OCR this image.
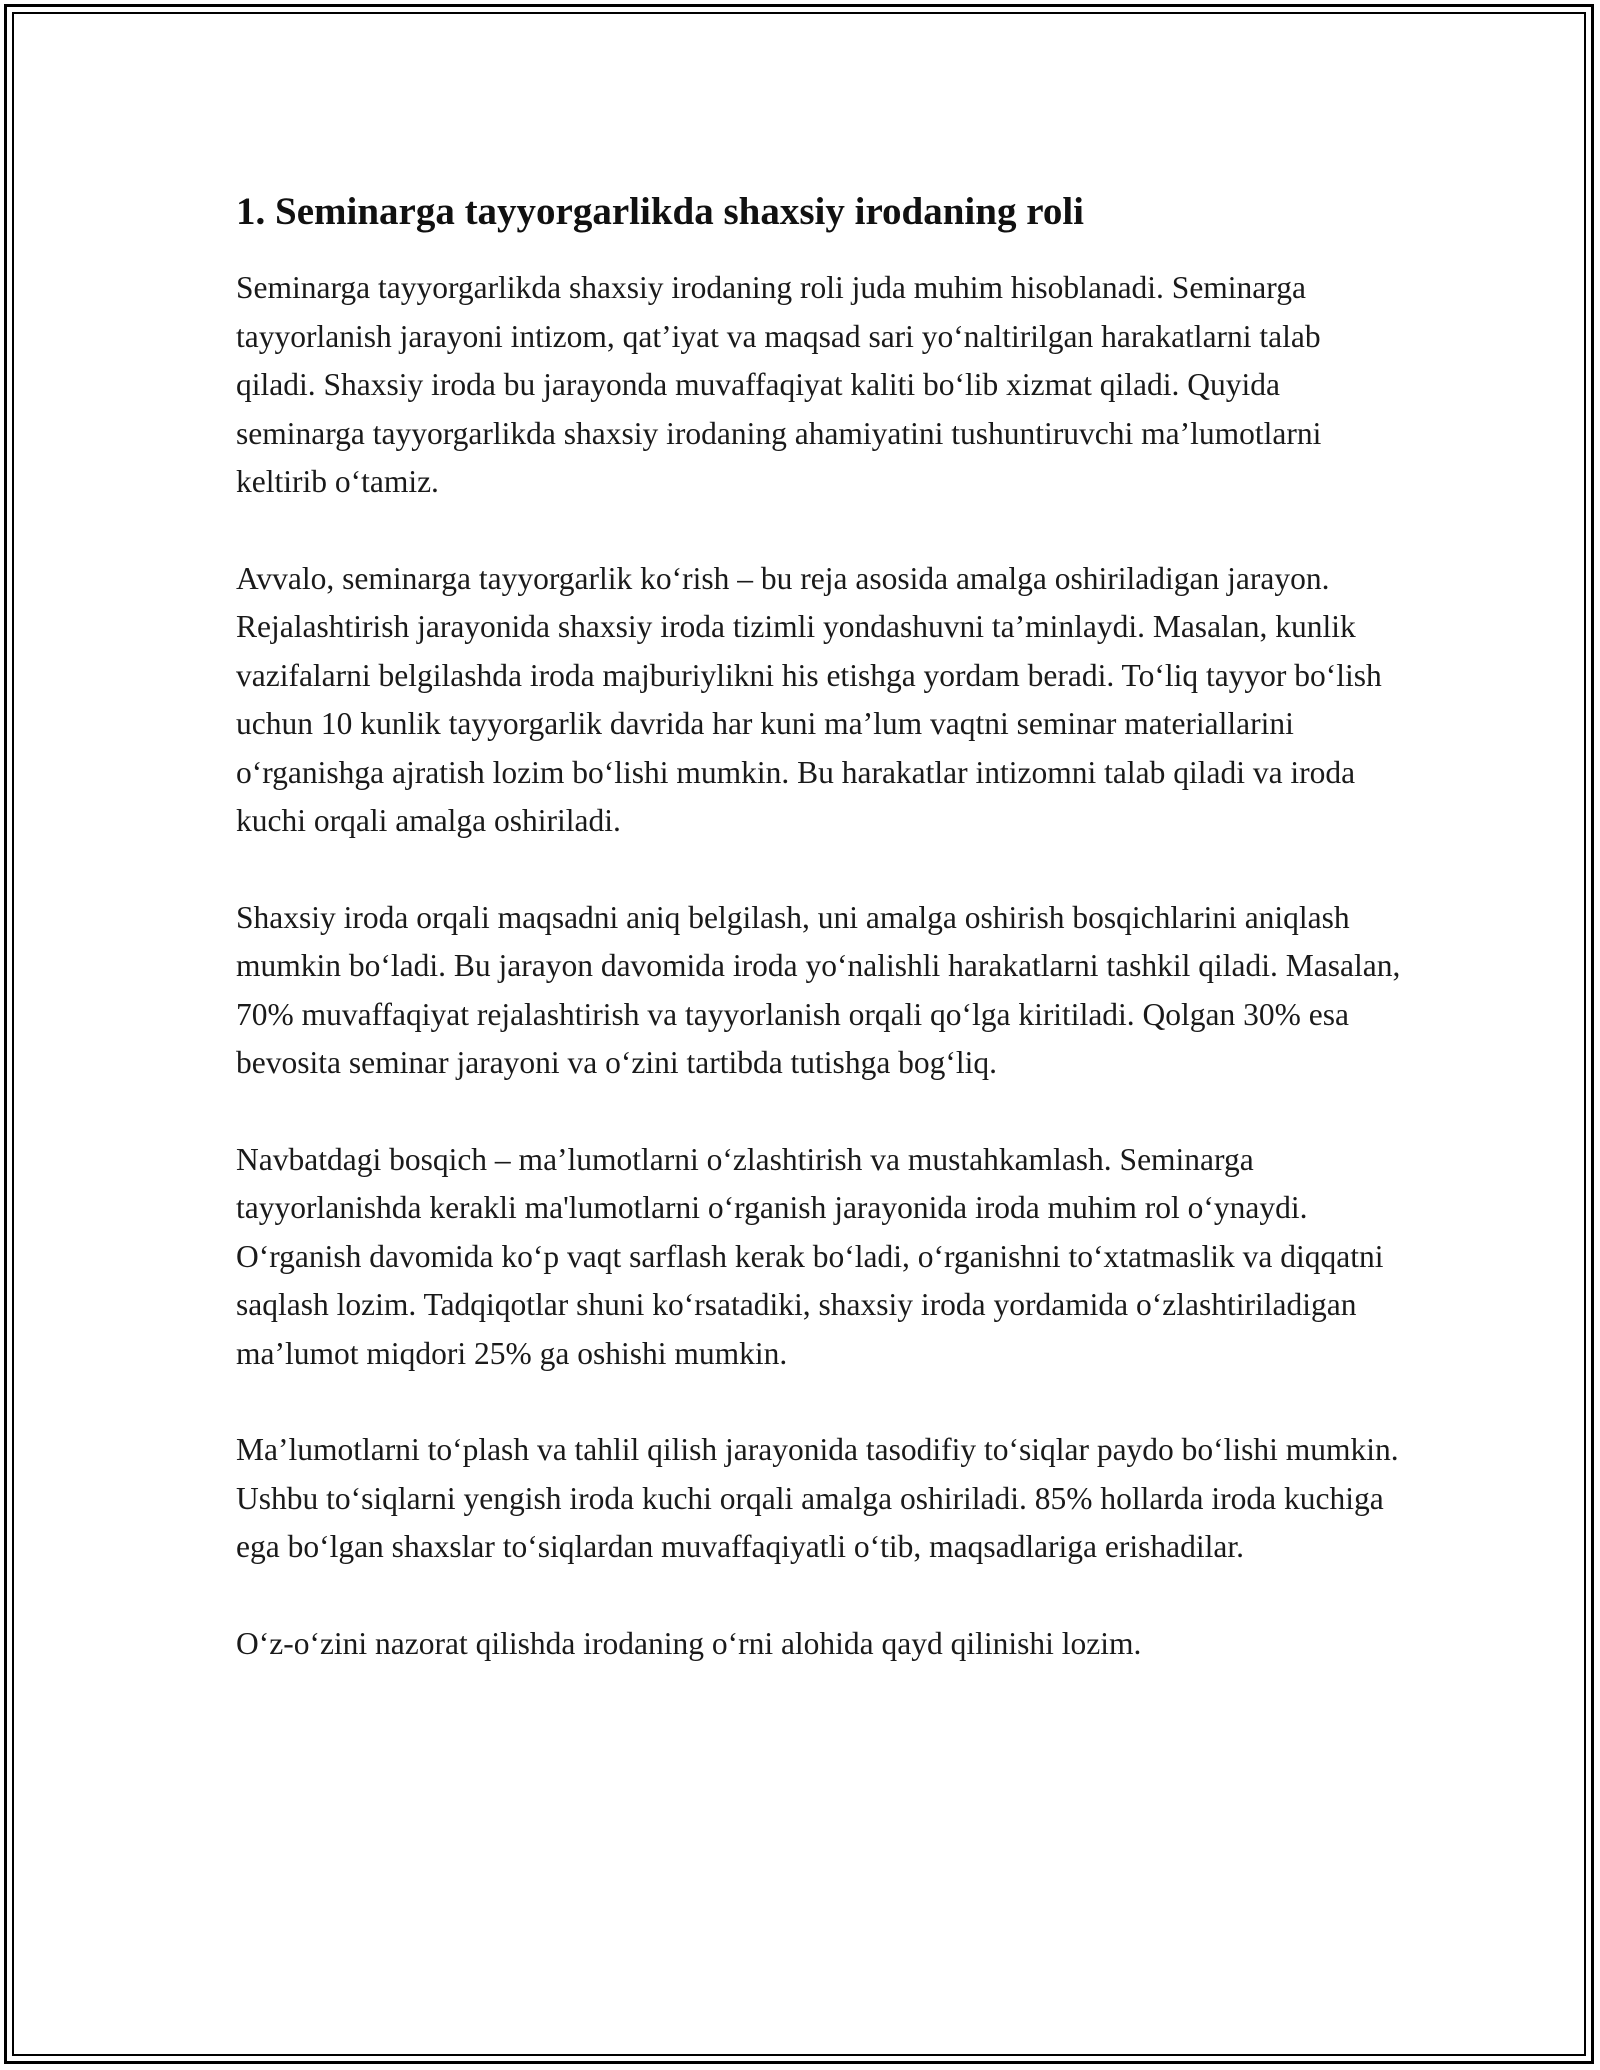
1. Seminarga tayyorgarlikda shaxsiy irodaning roli

Seminarga tayyorgarlikda shaxsiy irodaning roli juda muhim hisoblanadi. Seminarga tayyorlanish jarayoni intizom, qat’iyat va maqsad sari yo‘naltirilgan harakatlarni talab qiladi. Shaxsiy iroda bu jarayonda muvaffaqiyat kaliti bo‘lib xizmat qiladi. Quyida seminarga tayyorgarlikda shaxsiy irodaning ahamiyatini tushuntiruvchi ma’lumotlarni keltirib o‘tamiz.

Avvalo, seminarga tayyorgarlik ko‘rish – bu reja asosida amalga oshiriladigan jarayon. Rejalashtirish jarayonida shaxsiy iroda tizimli yondashuvni ta’minlaydi. Masalan, kunlik vazifalarni belgilashda iroda majburiylikni his etishga yordam beradi. To‘liq tayyor bo‘lish uchun 10 kunlik tayyorgarlik davrida har kuni ma’lum vaqtni seminar materiallarini o‘rganishga ajratish lozim bo‘lishi mumkin. Bu harakatlar intizomni talab qiladi va iroda kuchi orqali amalga oshiriladi.

Shaxsiy iroda orqali maqsadni aniq belgilash, uni amalga oshirish bosqichlarini aniqlash mumkin bo‘ladi. Bu jarayon davomida iroda yo‘nalishli harakatlarni tashkil qiladi. Masalan, 70% muvaffaqiyat rejalashtirish va tayyorlanish orqali qo‘lga kiritiladi. Qolgan 30% esa bevosita seminar jarayoni va o‘zini tartibda tutishga bog‘liq.

Navbatdagi bosqich – ma’lumotlarni o‘zlashtirish va mustahkamlash. Seminarga tayyorlanishda kerakli ma'lumotlarni o‘rganish jarayonida iroda muhim rol o‘ynaydi. O‘rganish davomida ko‘p vaqt sarflash kerak bo‘ladi, o‘rganishni to‘xtatmaslik va diqqatni saqlash lozim. Tadqiqotlar shuni ko‘rsatadiki, shaxsiy iroda yordamida o‘zlashtiriladigan ma’lumot miqdori 25% ga oshishi mumkin.

Ma’lumotlarni to‘plash va tahlil qilish jarayonida tasodifiy to‘siqlar paydo bo‘lishi mumkin. Ushbu to‘siqlarni yengish iroda kuchi orqali amalga oshiriladi. 85% hollarda iroda kuchiga ega bo‘lgan shaxslar to‘siqlardan muvaffaqiyatli o‘tib, maqsadlariga erishadilar.

O‘z-o‘zini nazorat qilishda irodaning o‘rni alohida qayd qilinishi lozim.
